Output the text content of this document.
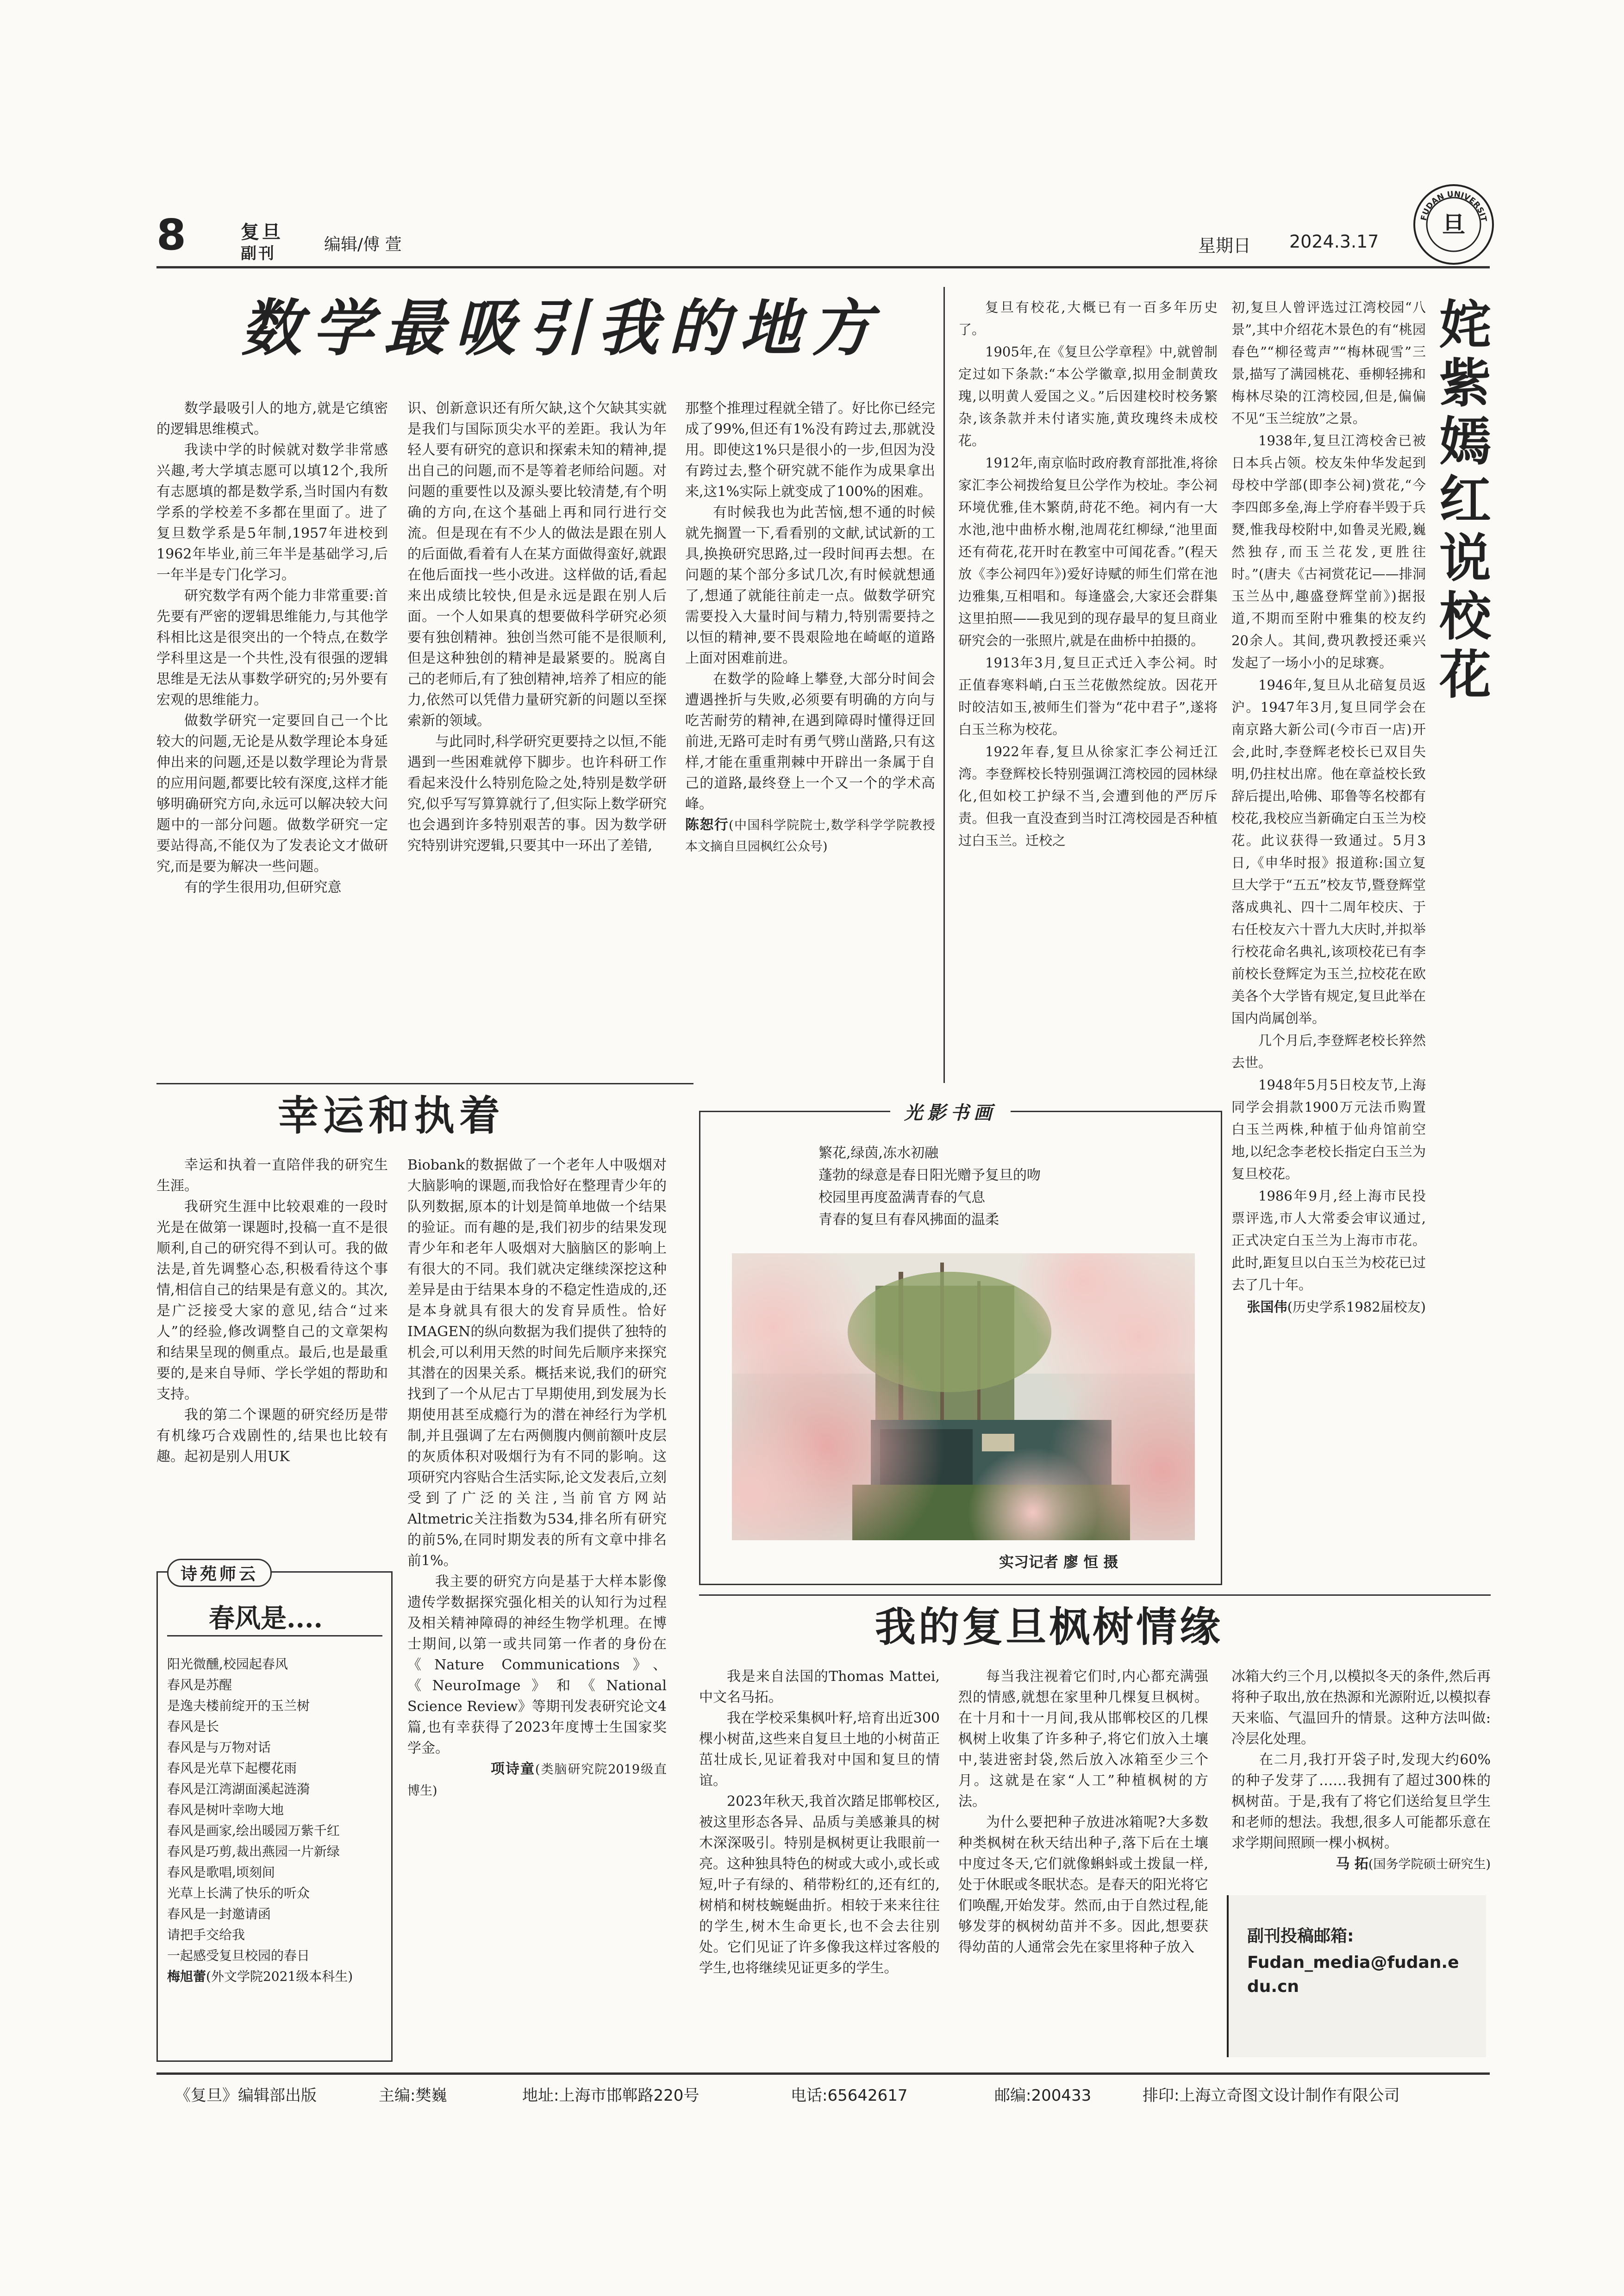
8	复旦
副刊	编辑/傅 萱	星期日 2024.3.17
FUDAN UNIVERSIT
旦
数学最吸引我的地方

数学最吸引人的地方,就是它缜密的逻辑思维模式。

我读中学的时候就对数学非常感兴趣,考大学填志愿可以填12个,我所有志愿填的都是数学系,当时国内有数学系的学校差不多都在里面了。进了复旦数学系是5年制,1957年进校到1962年毕业,前三年半是基础学习,后一年半是专门化学习。

研究数学有两个能力非常重要:首先要有严密的逻辑思维能力,与其他学科相比这是很突出的一个特点,在数学学科里这是一个共性,没有很强的逻辑思维是无法从事数学研究的;另外要有宏观的思维能力。

做数学研究一定要回自己一个比较大的问题,无论是从数学理论本身延伸出来的问题,还是以数学理论为背景的应用问题,都要比较有深度,这样才能够明确研究方向,永远可以解决较大问题中的一部分问题。做数学研究一定要站得高,不能仅为了发表论文才做研究,而是要为解决一些问题。

有的学生很用功,但研究意

识、创新意识还有所欠缺,这个欠缺其实就是我们与国际顶尖水平的差距。我认为年轻人要有研究的意识和探索未知的精神,提出自己的问题,而不是等着老师给问题。对问题的重要性以及源头要比较清楚,有个明确的方向,在这个基础上再和同行进行交流。但是现在有不少人的做法是跟在别人的后面做,看着有人在某方面做得蛮好,就跟在他后面找一些小改进。这样做的话,看起来出成绩比较快,但是永远是跟在别人后面。一个人如果真的想要做科学研究必须要有独创精神。独创当然可能不是很顺利,但是这种独创的精神是最紧要的。脱离自己的老师后,有了独创精神,培养了相应的能力,依然可以凭借力量研究新的问题以至探索新的领域。

与此同时,科学研究更要持之以恒,不能遇到一些困难就停下脚步。也许科研工作看起来没什么特别危险之处,特别是数学研究,似乎写写算算就行了,但实际上数学研究也会遇到许多特别艰苦的事。因为数学研究特别讲究逻辑,只要其中一环出了差错,

那整个推理过程就全错了。好比你已经完成了99%,但还有1%没有跨过去,那就没用。即使这1%只是很小的一步,但因为没有跨过去,整个研究就不能作为成果拿出来,这1%实际上就变成了100%的困难。

有时候我也为此苦恼,想不通的时候就先搁置一下,看看别的文献,试试新的工具,换换研究思路,过一段时间再去想。在问题的某个部分多试几次,有时候就想通了,想通了就能往前走一点。做数学研究需要投入大量时间与精力,特别需要持之以恒的精神,要不畏艰险地在崎岖的道路上面对困难前进。

在数学的险峰上攀登,大部分时间会遭遇挫折与失败,必须要有明确的方向与吃苦耐劳的精神,在遇到障碍时懂得迂回前进,无路可走时有勇气劈山凿路,只有这样,才能在重重荆棘中开辟出一条属于自己的道路,最终登上一个又一个的学术高峰。

陈恕行(中国科学院院士,数学科学学院教授 本文摘自旦园枫红公众号)

幸运和执着

幸运和执着一直陪伴我的研究生生涯。

我研究生涯中比较艰难的一段时光是在做第一课题时,投稿一直不是很顺利,自己的研究得不到认可。我的做法是,首先调整心态,积极看待这个事情,相信自己的结果是有意义的。其次,是广泛接受大家的意见,结合“过来人”的经验,修改调整自己的文章架构和结果呈现的侧重点。最后,也是最重要的,是来自导师、学长学姐的帮助和支持。

我的第二个课题的研究经历是带有机缘巧合戏剧性的,结果也比较有趣。起初是别人用UK

Biobank的数据做了一个老年人中吸烟对大脑影响的课题,而我恰好在整理青少年的队列数据,原本的计划是简单地做一个结果的验证。而有趣的是,我们初步的结果发现青少年和老年人吸烟对大脑脑区的影响上有很大的不同。我们就决定继续深挖这种差异是由于结果本身的不稳定性造成的,还是本身就具有很大的发育异质性。恰好IMAGEN的纵向数据为我们提供了独特的机会,可以利用天然的时间先后顺序来探究其潜在的因果关系。概括来说,我们的研究找到了一个从尼古丁早期使用,到发展为长期使用甚至成瘾行为的潜在神经行为学机制,并且强调了左右两侧腹内侧前额叶皮层的灰质体积对吸烟行为有不同的影响。这项研究内容贴合生活实际,论文发表后,立刻受到了广泛的关注,当前官方网站Altmetric关注指数为534,排名所有研究的前5%,在同时期发表的所有文章中排名前1%。

我主要的研究方向是基于大样本影像遗传学数据探究强化相关的认知行为过程及相关精神障碍的神经生物学机理。在博士期间,以第一或共同第一作者的身份在《Nature Communications》、《NeuroImage》和《National Science Review》等期刊发表研究论文4篇,也有幸获得了2023年度博士生国家奖学金。

项诗童(类脑研究院2019级直博生)

诗苑师云
春风是....
阳光微醺,校园起春风
春风是苏醒
是逸夫楼前绽开的玉兰树
春风是长
春风是与万物对话
春风是光草下起樱花雨
春风是江湾湖面溪起涟漪
春风是树叶幸吻大地
春风是画家,绘出暖园万紫千红
春风是巧剪,裁出燕园一片新绿
春风是歌唱,顷刻间
光草上长满了快乐的听众
春风是一封邀请函
请把手交给我
一起感受复旦校园的春日
梅旭蕾(外文学院2021级本科生)
光影书画
繁花,绿茵,冻水初融
蓬勃的绿意是春日阳光赠予复旦的吻
校园里再度盈满青春的气息
青春的复旦有春风拂面的温柔
实习记者 廖 恒 摄

复旦有校花,大概已有一百多年历史了。

1905年,在《复旦公学章程》中,就曾制定过如下条款:“本公学徽章,拟用金制黄玫瑰,以明黄人爱国之义。”后因建校时校务繁杂,该条款并未付诸实施,黄玫瑰终未成校花。

1912年,南京临时政府教育部批准,将徐家汇李公祠拨给复旦公学作为校址。李公祠环境优雅,佳木繁荫,莳花不绝。祠内有一大水池,池中曲桥水榭,池周花红柳绿,“池里面还有荷花,花开时在教室中可闻花香。”(程天放《李公祠四年》)爱好诗赋的师生们常在池边雅集,互相唱和。每逢盛会,大家还会群集这里拍照——我见到的现存最早的复旦商业研究会的一张照片,就是在曲桥中拍摄的。

1913年3月,复旦正式迁入李公祠。时正值春寒料峭,白玉兰花傲然绽放。因花开时皎洁如玉,被师生们誉为“花中君子”,遂将白玉兰称为校花。

1922年春,复旦从徐家汇李公祠迁江湾。李登辉校长特别强调江湾校园的园林绿化,但如校工护绿不当,会遭到他的严厉斥责。但我一直没查到当时江湾校园是否种植过白玉兰。迁校之

初,复旦人曾评选过江湾校园“八景”,其中介绍花木景色的有“桃园春色”“柳径莺声”“梅林砚雪”三景,描写了满园桃花、垂柳轻拂和梅林尽染的江湾校园,但是,偏偏不见“玉兰绽放”之景。

1938年,复旦江湾校舍已被日本兵占领。校友朱仲华发起到母校中学部(即李公祠)赏花,“今李四郎多垒,海上学府春半毁于兵燹,惟我母校附中,如鲁灵光殿,巍然独存,而玉兰花发,更胜往时。”(唐夫《古祠赏花记——排洞玉兰丛中,趣盛登辉堂前》)据报道,不期而至附中雅集的校友约20余人。其间,费巩教授还乘兴发起了一场小小的足球赛。

1946年,复旦从北碚复员返沪。1947年3月,复旦同学会在南京路大新公司(今市百一店)开会,此时,李登辉老校长已双目失明,仍拄杖出席。他在章益校长致辞后提出,哈佛、耶鲁等名校都有校花,我校应当新确定白玉兰为校花。此议获得一致通过。5月3日,《申华时报》报道称:国立复旦大学于“五五”校友节,暨登辉堂落成典礼、四十二周年校庆、于右任校友六十晋九大庆时,并拟举行校花命名典礼,该项校花已有李前校长登辉定为玉兰,拉校花在欧美各个大学皆有规定,复旦此举在国内尚属创举。

几个月后,李登辉老校长猝然去世。

1948年5月5日校友节,上海同学会捐款1900万元法币购置白玉兰两株,种植于仙舟馆前空地,以纪念李老校长指定白玉兰为复旦校花。

1986年9月,经上海市民投票评选,市人大常委会审议通过,正式决定白玉兰为上海市市花。此时,距复旦以白玉兰为校花已过去了几十年。

张国伟(历史学系1982届校友)

姹紫嫣红说校花
我的复旦枫树情缘

我是来自法国的Thomas Mattei,中文名马拓。

我在学校采集枫叶籽,培育出近300棵小树苗,这些来自复旦土地的小树苗正茁壮成长,见证着我对中国和复旦的情谊。

2023年秋天,我首次踏足邯郸校区,被这里形态各异、品质与美感兼具的树木深深吸引。特别是枫树更让我眼前一亮。这种独具特色的树或大或小,或长或短,叶子有绿的、稍带粉红的,还有红的,树梢和树枝蜿蜒曲折。相较于来来往往的学生,树木生命更长,也不会去往别处。它们见证了许多像我这样过客般的学生,也将继续见证更多的学生。

每当我注视着它们时,内心都充满强烈的情感,就想在家里种几棵复旦枫树。在十月和十一月间,我从邯郸校区的几棵枫树上收集了许多种子,将它们放入土壤中,装进密封袋,然后放入冰箱至少三个月。这就是在家“人工”种植枫树的方法。

为什么要把种子放进冰箱呢?大多数种类枫树在秋天结出种子,落下后在土壤中度过冬天,它们就像蝌蚪或土拨鼠一样,处于休眠或冬眠状态。是春天的阳光将它们唤醒,开始发芽。然而,由于自然过程,能够发芽的枫树幼苗并不多。因此,想要获得幼苗的人通常会先在家里将种子放入

冰箱大约三个月,以模拟冬天的条件,然后再将种子取出,放在热源和光源附近,以模拟春天来临、气温回升的情景。这种方法叫做:冷层化处理。

在二月,我打开袋子时,发现大约60%的种子发芽了……我拥有了超过300株的枫树苗。于是,我有了将它们送给复旦学生和老师的想法。我想,很多人可能都乐意在求学期间照顾一棵小枫树。

马 拓(国务学院硕士研究生)

副刊投稿邮箱:
Fudan_media@fudan.edu.cn
《复旦》编辑部出版	主编:樊巍	地址:上海市邯郸路220号	电话:65642617	邮编:200433	排印:上海立奇图文设计制作有限公司
